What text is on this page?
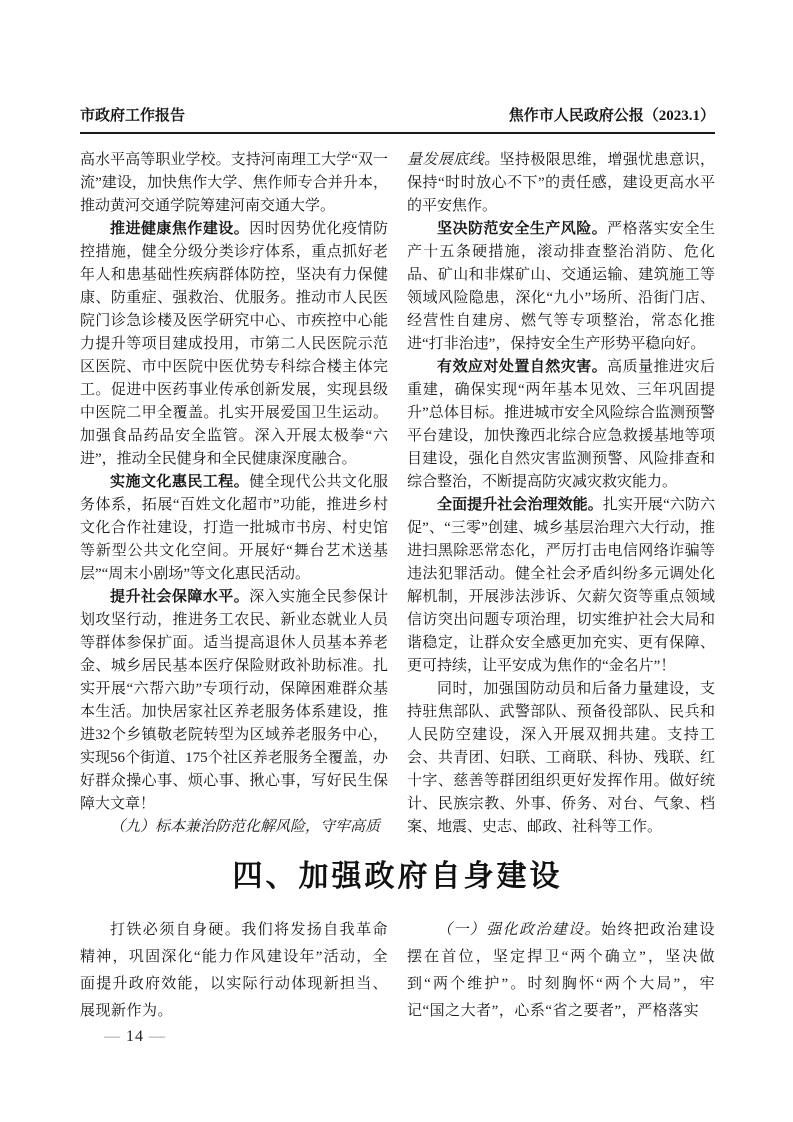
市政府工作报告	焦作市人民政府公报（2023.1）

高水平高等职业学校。支持河南理工大学“双一流”建设，加快焦作大学、焦作师专合并升本，推动黄河交通学院筹建河南交通大学。

推进健康焦作建设。因时因势优化疫情防控措施，健全分级分类诊疗体系，重点抓好老年人和患基础性疾病群体防控，坚决有力保健康、防重症、强救治、优服务。推动市人民医院门诊急诊楼及医学研究中心、市疾控中心能力提升等项目建成投用，市第二人民医院示范区医院、市中医院中医优势专科综合楼主体完工。促进中医药事业传承创新发展，实现县级中医院二甲全覆盖。扎实开展爱国卫生运动。加强食品药品安全监管。深入开展太极拳“六进”，推动全民健身和全民健康深度融合。

实施文化惠民工程。健全现代公共文化服务体系，拓展“百姓文化超市”功能，推进乡村文化合作社建设，打造一批城市书房、村史馆等新型公共文化空间。开展好“舞台艺术送基层”“周末小剧场”等文化惠民活动。

提升社会保障水平。深入实施全民参保计划攻坚行动，推进务工农民、新业态就业人员等群体参保扩面。适当提高退休人员基本养老金、城乡居民基本医疗保险财政补助标准。扎实开展“六帮六助”专项行动，保障困难群众基本生活。加快居家社区养老服务体系建设，推进32个乡镇敬老院转型为区域养老服务中心，实现56个街道、175个社区养老服务全覆盖，办好群众操心事、烦心事、揪心事，写好民生保障大文章！

（九）标本兼治防范化解风险，守牢高质

量发展底线。坚持极限思维，增强忧患意识，保持“时时放心不下”的责任感，建设更高水平的平安焦作。

坚决防范安全生产风险。严格落实安全生产十五条硬措施，滚动排查整治消防、危化品、矿山和非煤矿山、交通运输、建筑施工等领域风险隐患，深化“九小”场所、沿街门店、经营性自建房、燃气等专项整治，常态化推进“打非治违”，保持安全生产形势平稳向好。

有效应对处置自然灾害。高质量推进灾后重建，确保实现“两年基本见效、三年巩固提升”总体目标。推进城市安全风险综合监测预警平台建设，加快豫西北综合应急救援基地等项目建设，强化自然灾害监测预警、风险排查和综合整治，不断提高防灾减灾救灾能力。

全面提升社会治理效能。扎实开展“六防六促”、“三零”创建、城乡基层治理六大行动，推进扫黑除恶常态化，严厉打击电信网络诈骗等违法犯罪活动。健全社会矛盾纠纷多元调处化解机制，开展涉法涉诉、欠薪欠资等重点领域信访突出问题专项治理，切实维护社会大局和谐稳定，让群众安全感更加充实、更有保障、更可持续，让平安成为焦作的“金名片”！

同时，加强国防动员和后备力量建设，支持驻焦部队、武警部队、预备役部队、民兵和人民防空建设，深入开展双拥共建。支持工会、共青团、妇联、工商联、科协、残联、红十字、慈善等群团组织更好发挥作用。做好统计、民族宗教、外事、侨务、对台、气象、档案、地震、史志、邮政、社科等工作。

四、加强政府自身建设

打铁必须自身硬。我们将发扬自我革命精神，巩固深化“能力作风建设年”活动，全面提升政府效能，以实际行动体现新担当、展现新作为。

（一）强化政治建设。始终把政治建设摆在首位，坚定捍卫“两个确立”，坚决做到“两个维护”。时刻胸怀“两个大局”，牢记“国之大者”，心系“省之要者”，严格落实

— 14 —
